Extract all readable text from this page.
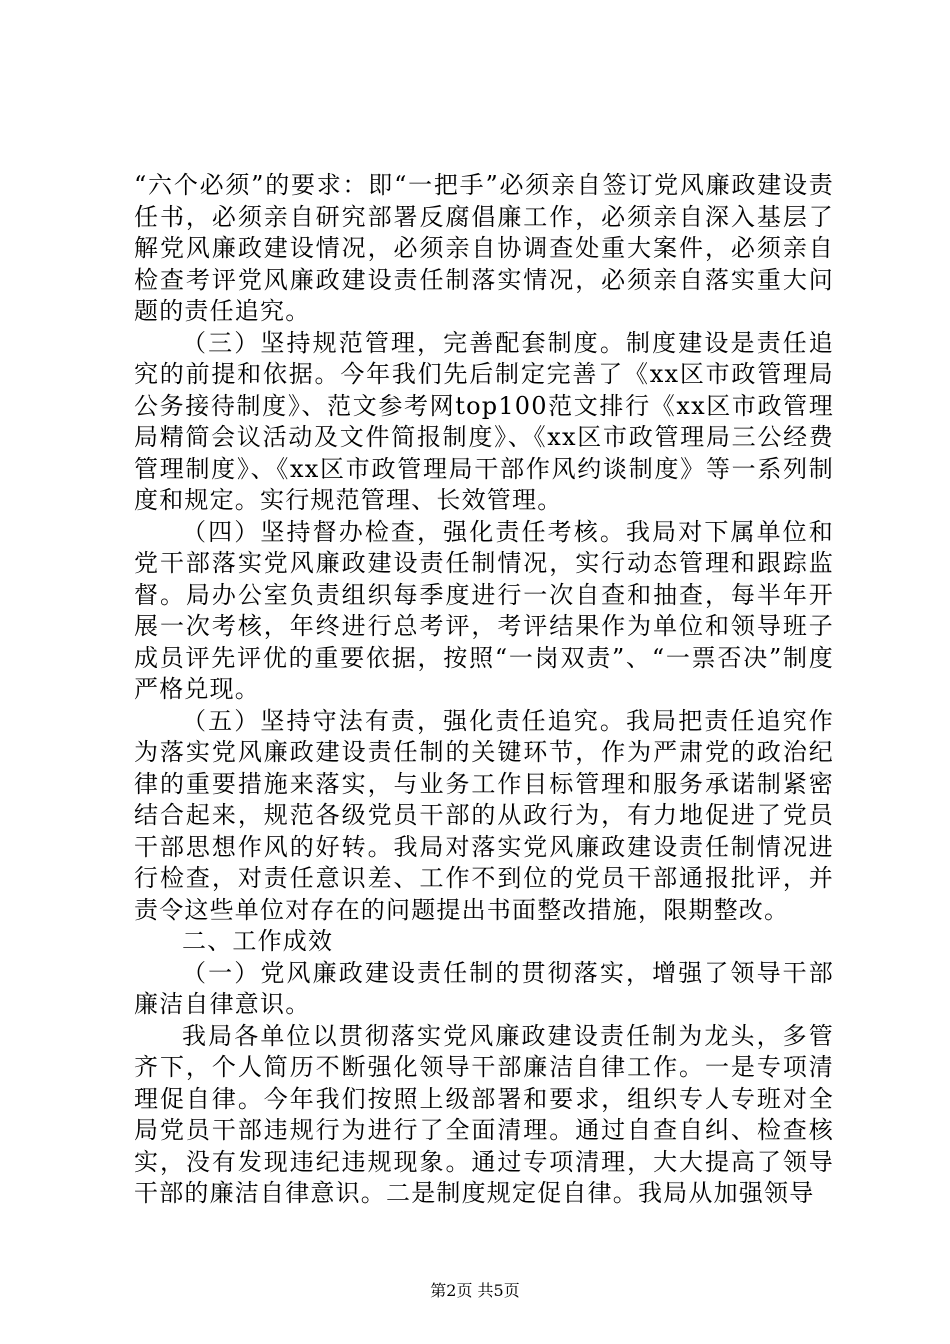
“六个必须”的要求：即“一把手”必须亲自签订党风廉政建设责任书，必须亲自研究部署反腐倡廉工作，必须亲自深入基层了解党风廉政建设情况，必须亲自协调查处重大案件，必须亲自检查考评党风廉政建设责任制落实情况，必须亲自落实重大问题的责任追究。

（三）坚持规范管理，完善配套制度。制度建设是责任追究的前提和依据。今年我们先后制定完善了《xx区市政管理局公务接待制度》、范文参考网top100范文排行《xx区市政管理局精简会议活动及文件简报制度》、《xx区市政管理局三公经费管理制度》、《xx区市政管理局干部作风约谈制度》等一系列制度和规定。实行规范管理、长效管理。

（四）坚持督办检查，强化责任考核。我局对下属单位和党干部落实党风廉政建设责任制情况，实行动态管理和跟踪监督。局办公室负责组织每季度进行一次自查和抽查，每半年开展一次考核，年终进行总考评，考评结果作为单位和领导班子成员评先评优的重要依据，按照“一岗双责”、“一票否决”制度严格兑现。

（五）坚持守法有责，强化责任追究。我局把责任追究作为落实党风廉政建设责任制的关键环节，作为严肃党的政治纪律的重要措施来落实，与业务工作目标管理和服务承诺制紧密结合起来，规范各级党员干部的从政行为，有力地促进了党员干部思想作风的好转。我局对落实党风廉政建设责任制情况进行检查，对责任意识差、工作不到位的党员干部通报批评，并责令这些单位对存在的问题提出书面整改措施，限期整改。

二、工作成效

（一）党风廉政建设责任制的贯彻落实，增强了领导干部廉洁自律意识。

我局各单位以贯彻落实党风廉政建设责任制为龙头，多管齐下，个人简历不断强化领导干部廉洁自律工作。一是专项清理促自律。今年我们按照上级部署和要求，组织专人专班对全局党员干部违规行为进行了全面清理。通过自查自纠、检查核实，没有发现违纪违规现象。通过专项清理，大大提高了领导干部的廉洁自律意识。二是制度规定促自律。我局从加强领导

第2页 共5页
